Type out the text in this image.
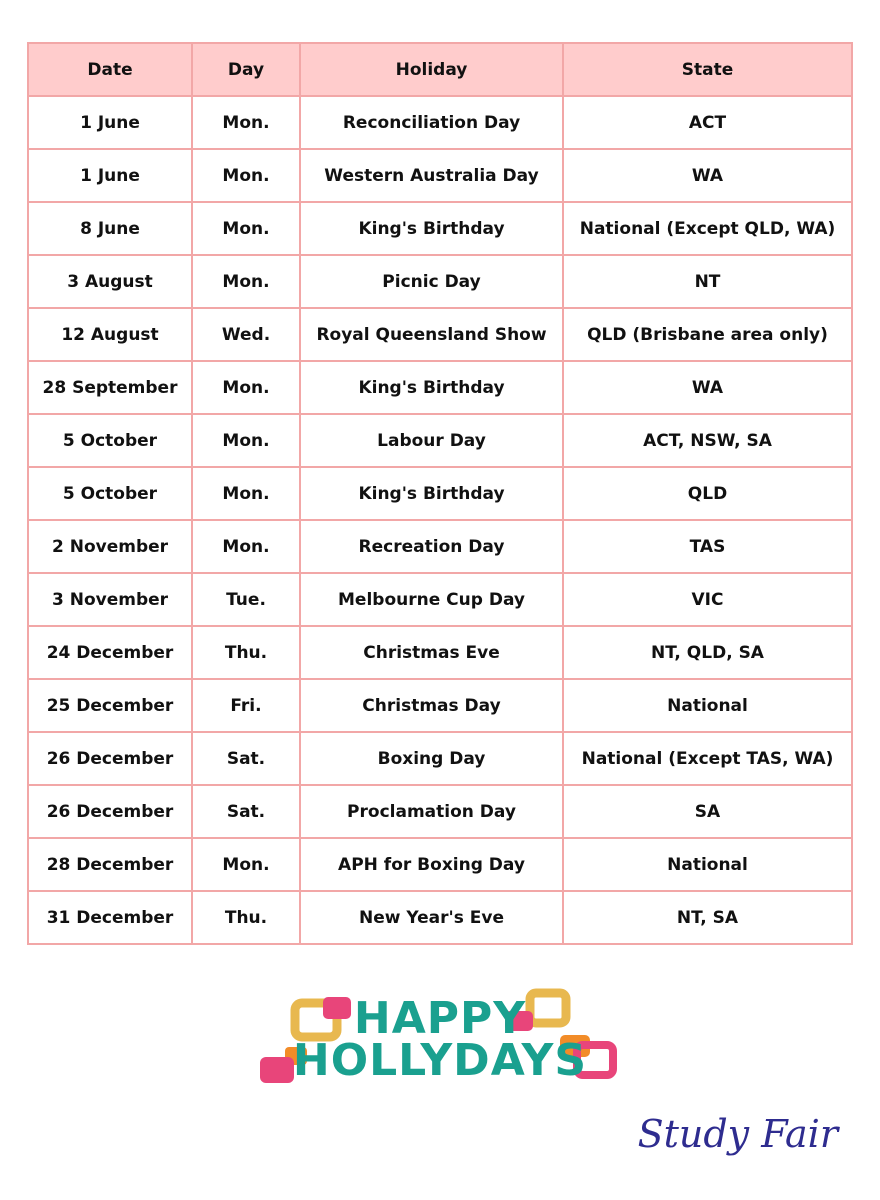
Date	Day	Holiday	State
1 June	Mon.	Reconciliation Day	ACT
1 June	Mon.	Western Australia Day	WA
8 June	Mon.	King's Birthday	National (Except QLD, WA)
3 August	Mon.	Picnic Day	NT
12 August	Wed.	Royal Queensland Show	QLD (Brisbane area only)
28 September	Mon.	King's Birthday	WA
5 October	Mon.	Labour Day	ACT, NSW, SA
5 October	Mon.	King's Birthday	QLD
2 November	Mon.	Recreation Day	TAS
3 November	Tue.	Melbourne Cup Day	VIC
24 December	Thu.	Christmas Eve	NT, QLD, SA
25 December	Fri.	Christmas Day	National
26 December	Sat.	Boxing Day	National (Except TAS, WA)
26 December	Sat.	Proclamation Day	SA
28 December	Mon.	APH for Boxing Day	National
31 December	Thu.	New Year's Eve	NT, SA
HAPPY
HOLLYDAYS
Study Fair
